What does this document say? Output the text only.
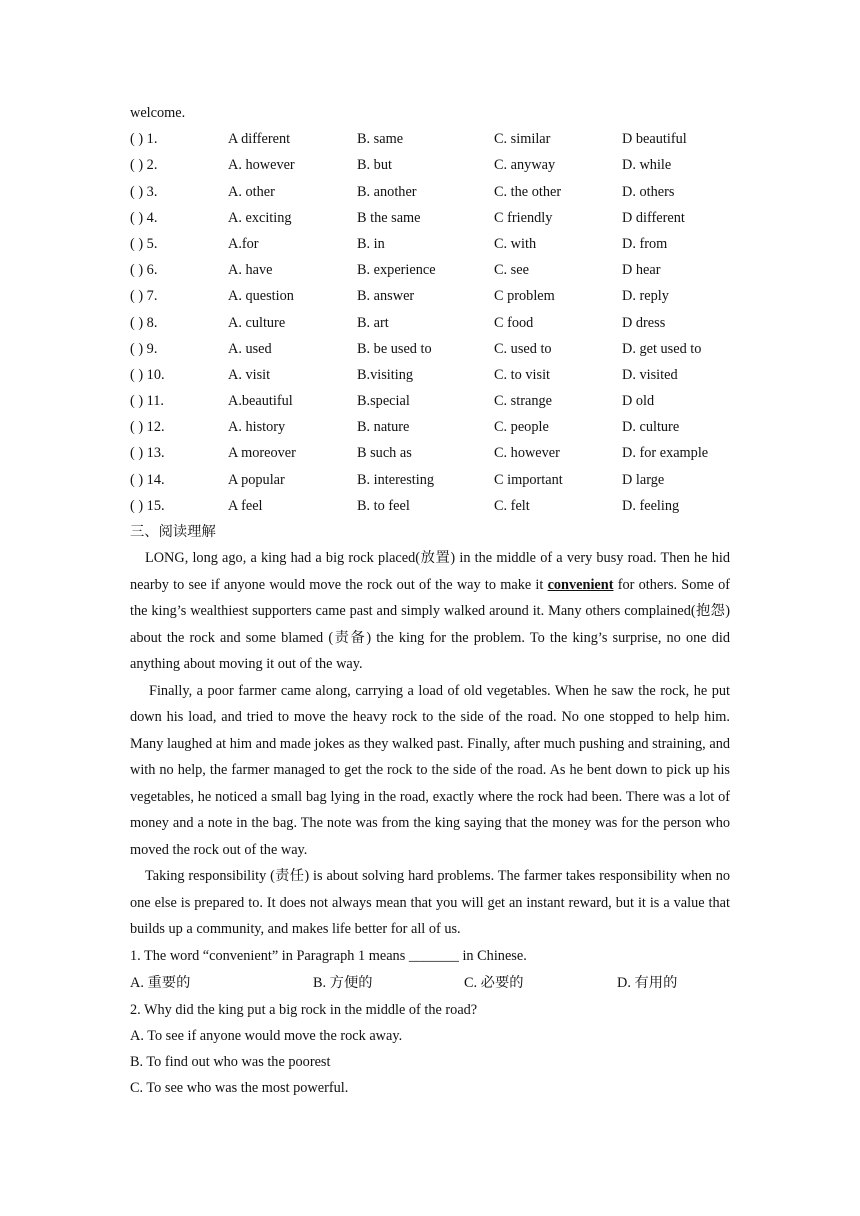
welcome.
( ) 1.	A different	B. same	C. similar	D beautiful
( ) 2.	A. however	B. but	C. anyway	D. while
( ) 3.	A. other	B. another	C. the other	D. others
( ) 4.	A. exciting	B the same	C friendly	D different
( ) 5.	A.for	B. in	C. with	D. from
( ) 6.	A. have	B. experience	C. see	D hear
( ) 7.	A. question	B. answer	C problem	D. reply
( ) 8.	A. culture	B. art	C food	D dress
( ) 9.	A. used	B. be used to	C. used to	D. get used to
( ) 10.	A. visit	B.visiting	C. to visit	D. visited
( ) 11.	A.beautiful	B.special	C. strange	D old
( ) 12.	A. history	B. nature	C. people	D. culture
( ) 13.	A moreover	B such as	C. however	D. for example
( ) 14.	A popular	B. interesting	C important	D large
( ) 15.	A feel	B. to feel	C. felt	D. feeling
三、阅读理解

LONG, long ago, a king had a big rock placed(放置) in the middle of a very busy road. Then he hid nearby to see if anyone would move the rock out of the way to make it convenient for others. Some of the king’s wealthiest supporters came past and simply walked around it. Many others complained(抱怨) about the rock and some blamed (责备) the king for the problem. To the king’s surprise, no one did anything about moving it out of the way.

Finally, a poor farmer came along, carrying a load of old vegetables. When he saw the rock, he put down his load, and tried to move the heavy rock to the side of the road. No one stopped to help him. Many laughed at him and made jokes as they walked past. Finally, after much pushing and straining, and with no help, the farmer managed to get the rock to the side of the road. As he bent down to pick up his vegetables, he noticed a small bag lying in the road, exactly where the rock had been. There was a lot of money and a note in the bag. The note was from the king saying that the money was for the person who moved the rock out of the way.

Taking responsibility (责任) is about solving hard problems. The farmer takes responsibility when no one else is prepared to. It does not always mean that you will get an instant reward, but it is a value that builds up a community, and makes life better for all of us.

1. The word “convenient” in Paragraph 1 means _______ in Chinese.
A. 重要的	B. 方便的	C. 必要的	D. 有用的
2. Why did the king put a big rock in the middle of the road?
A. To see if anyone would move the rock away.
B. To find out who was the poorest
C. To see who was the most powerful.
